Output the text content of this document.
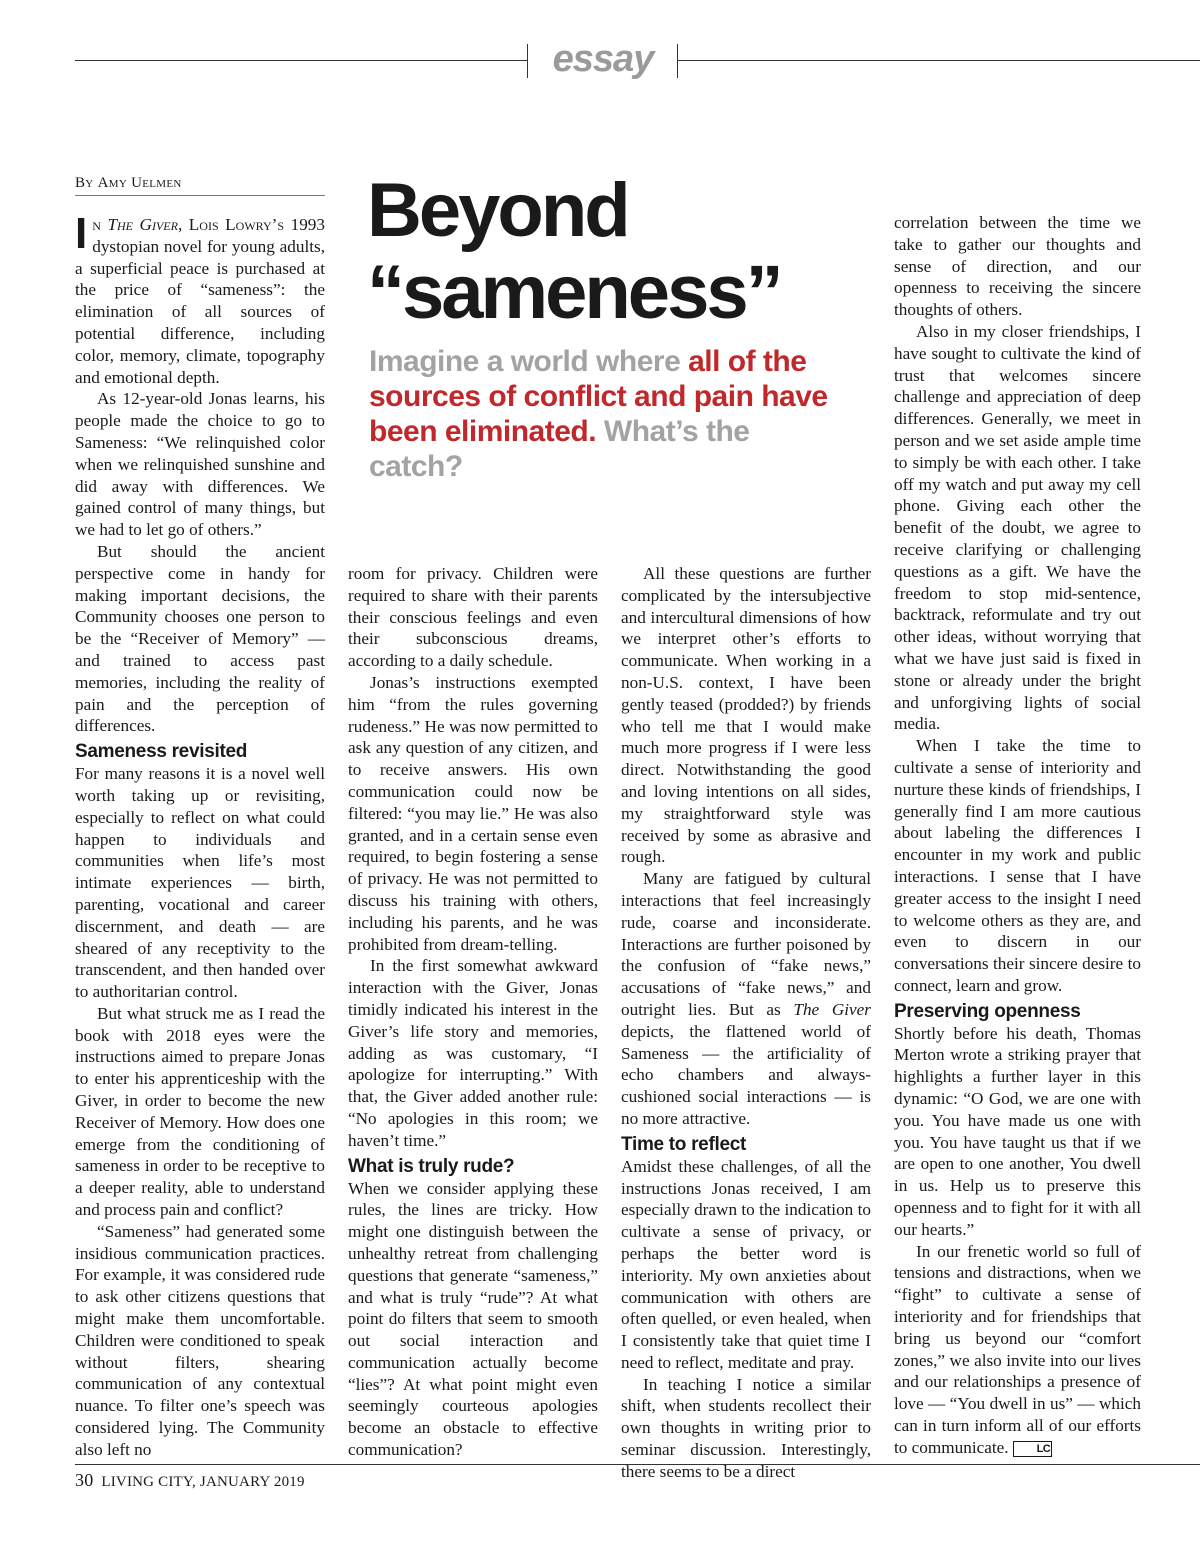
essay
By Amy Uelmen	Beyond
“sameness”
Imagine a world where all of the sources of conflict and pain have been eliminated. What’s the catch?

In The Giver, Lois Lowry’s 1993 dystopian novel for young adults, a superficial peace is purchased at the price of “sameness”: the elimination of all sources of potential difference, including color, memory, climate, topography and emotional depth.

As 12-year-old Jonas learns, his people made the choice to go to Sameness: “We relinquished color when we relinquished sunshine and did away with differences. We gained control of many things, but we had to let go of others.”

But should the ancient perspective come in handy for making important decisions, the Community chooses one person to be the “Receiver of Memory” — and trained to access past memories, including the reality of pain and the perception of differences.

Sameness revisited

For many reasons it is a novel well worth taking up or revisiting, especially to reflect on what could happen to individuals and communities when life’s most intimate experiences — birth, parenting, vocational and career discernment, and death — are sheared of any receptivity to the transcendent, and then handed over to authoritarian control.

But what struck me as I read the book with 2018 eyes were the instructions aimed to prepare Jonas to enter his apprenticeship with the Giver, in order to become the new Receiver of Memory. How does one emerge from the conditioning of sameness in order to be receptive to a deeper reality, able to understand and process pain and conflict?

“Sameness” had generated some insidious communication practices. For example, it was considered rude to ask other citizens questions that might make them uncomfortable. Children were conditioned to speak without filters, shearing communication of any contextual nuance. To filter one’s speech was considered lying. The Community also left no

room for privacy. Children were required to share with their parents their conscious feelings and even their subconscious dreams, according to a daily schedule.

Jonas’s instructions exempted him “from the rules governing rudeness.” He was now permitted to ask any question of any citizen, and to receive answers. His own communication could now be filtered: “you may lie.” He was also granted, and in a certain sense even required, to begin fostering a sense of privacy. He was not permitted to discuss his training with others, including his parents, and he was prohibited from dream-telling.

In the first somewhat awkward interaction with the Giver, Jonas timidly indicated his interest in the Giver’s life story and memories, adding as was customary, “I apologize for interrupting.” With that, the Giver added another rule: “No apologies in this room; we haven’t time.”

What is truly rude?

When we consider applying these rules, the lines are tricky. How might one distinguish between the unhealthy retreat from challenging questions that generate “sameness,” and what is truly “rude”? At what point do filters that seem to smooth out social interaction and communication actually become “lies”? At what point might even seemingly courteous apologies become an obstacle to effective communication?

All these questions are further complicated by the intersubjective and intercultural dimensions of how we interpret other’s efforts to communicate. When working in a non-U.S. context, I have been gently teased (prodded?) by friends who tell me that I would make much more progress if I were less direct. Notwithstanding the good and loving intentions on all sides, my straightforward style was received by some as abrasive and rough.

Many are fatigued by cultural interactions that feel increasingly rude, coarse and inconsiderate. Interactions are further poisoned by the confusion of “fake news,” accusations of “fake news,” and outright lies. But as The Giver depicts, the flattened world of Sameness — the artificiality of echo chambers and always-cushioned social interactions — is no more attractive.

Time to reflect

Amidst these challenges, of all the instructions Jonas received, I am especially drawn to the indication to cultivate a sense of privacy, or perhaps the better word is interiority. My own anxieties about communication with others are often quelled, or even healed, when I consistently take that quiet time I need to reflect, meditate and pray.

In teaching I notice a similar shift, when students recollect their own thoughts in writing prior to seminar discussion. Interestingly, there seems to be a direct

correlation between the time we take to gather our thoughts and sense of direction, and our openness to receiving the sincere thoughts of others.

Also in my closer friendships, I have sought to cultivate the kind of trust that welcomes sincere challenge and appreciation of deep differences. Generally, we meet in person and we set aside ample time to simply be with each other. I take off my watch and put away my cell phone. Giving each other the benefit of the doubt, we agree to receive clarifying or challenging questions as a gift. We have the freedom to stop mid-sentence, backtrack, reformulate and try out other ideas, without worrying that what we have just said is fixed in stone or already under the bright and unforgiving lights of social media.

When I take the time to cultivate a sense of interiority and nurture these kinds of friendships, I generally find I am more cautious about labeling the differences I encounter in my work and public interactions. I sense that I have greater access to the insight I need to welcome others as they are, and even to discern in our conversations their sincere desire to connect, learn and grow.

Preserving openness

Shortly before his death, Thomas Merton wrote a striking prayer that highlights a further layer in this dynamic: “O God, we are one with you. You have made us one with you. You have taught us that if we are open to one another, You dwell in us. Help us to preserve this openness and to fight for it with all our hearts.”

In our frenetic world so full of tensions and distractions, when we “fight” to cultivate a sense of interiority and for friendships that bring us beyond our “comfort zones,” we also invite into our lives and our relationships a presence of love — “You dwell in us” — which can in turn inform all of our efforts to communicate.	LC

30 LIVING CITY, JANUARY 2019
